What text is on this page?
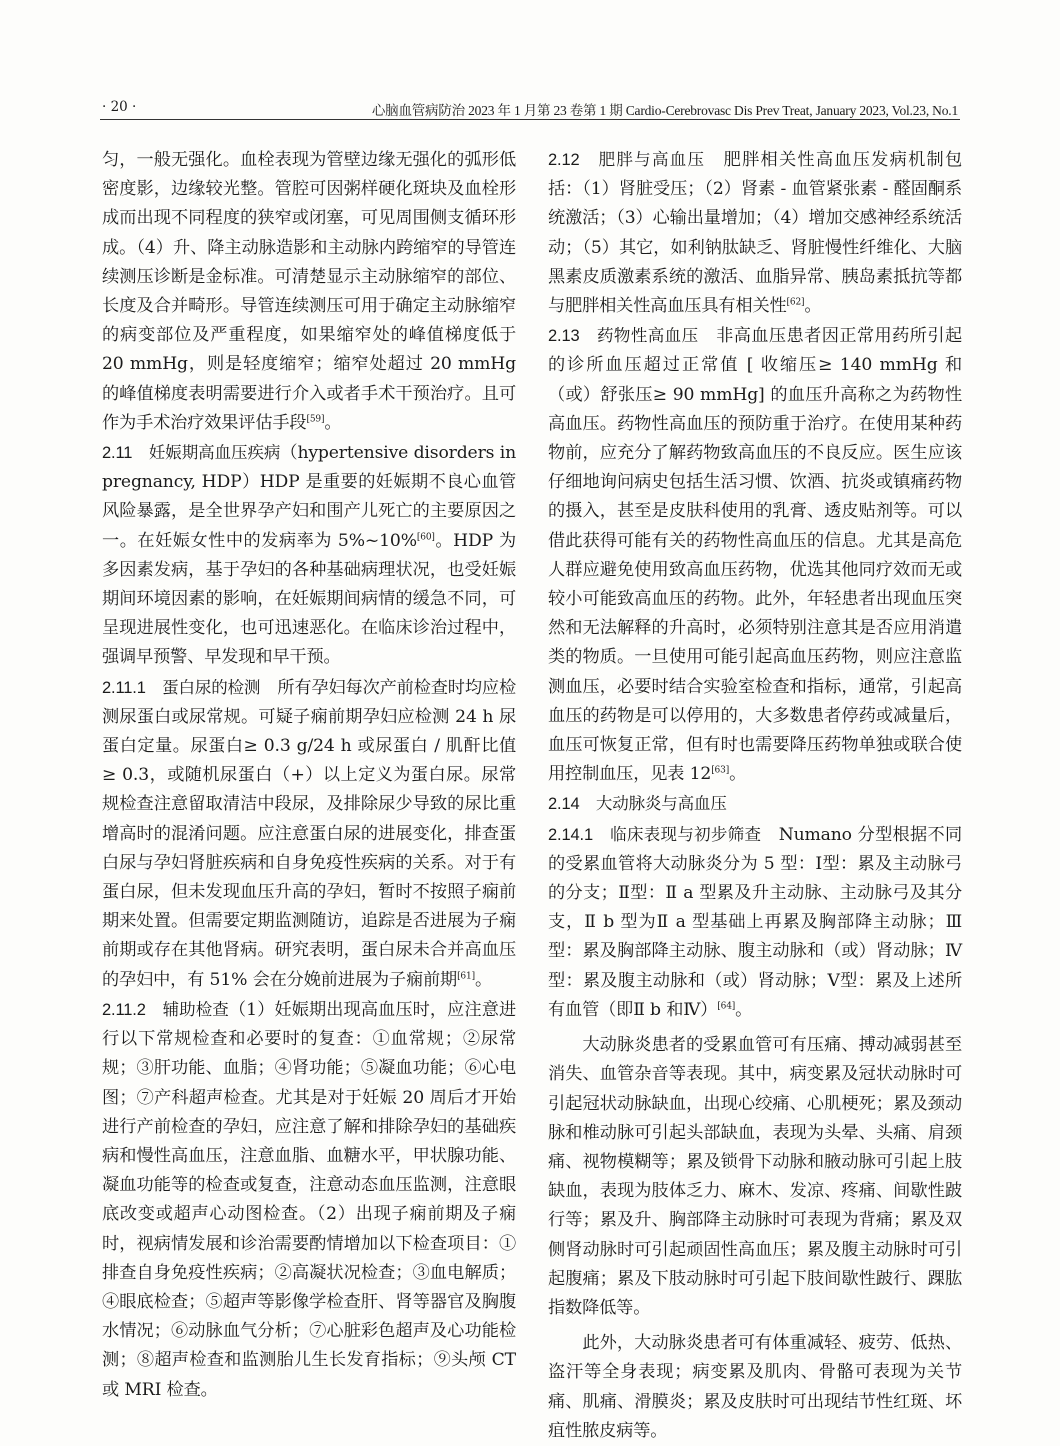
· 20 ·	心脑血管病防治 2023 年 1 月第 23 卷第 1 期 Cardio-Cerebrovasc Dis Prev Treat, January 2023, Vol.23, No.1

匀，一般无强化。血栓表现为管壁边缘无强化的弧形低密度影，边缘较光整。管腔可因粥样硬化斑块及血栓形成而出现不同程度的狭窄或闭塞，可见周围侧支循环形成。（4）升、降主动脉造影和主动脉内跨缩窄的导管连续测压诊断是金标准。可清楚显示主动脉缩窄的部位、长度及合并畸形。导管连续测压可用于确定主动脉缩窄的病变部位及严重程度，如果缩窄处的峰值梯度低于 20 mmHg，则是轻度缩窄；缩窄处超过 20 mmHg 的峰值梯度表明需要进行介入或者手术干预治疗。且可作为手术治疗效果评估手段[59]。

2.11　妊娠期高血压疾病（hypertensive disorders in pregnancy, HDP）HDP 是重要的妊娠期不良心血管风险暴露，是全世界孕产妇和围产儿死亡的主要原因之一。在妊娠女性中的发病率为 5%~10%[60]。HDP 为多因素发病，基于孕妇的各种基础病理状况，也受妊娠期间环境因素的影响，在妊娠期间病情的缓急不同，可呈现进展性变化，也可迅速恶化。在临床诊治过程中，强调早预警、早发现和早干预。

2.11.1　蛋白尿的检测　所有孕妇每次产前检查时均应检测尿蛋白或尿常规。可疑子痫前期孕妇应检测 24 h 尿蛋白定量。尿蛋白≥ 0.3 g/24 h 或尿蛋白 / 肌酐比值≥ 0.3，或随机尿蛋白（+）以上定义为蛋白尿。尿常规检查注意留取清洁中段尿，及排除尿少导致的尿比重增高时的混淆问题。应注意蛋白尿的进展变化，排查蛋白尿与孕妇肾脏疾病和自身免疫性疾病的关系。对于有蛋白尿，但未发现血压升高的孕妇，暂时不按照子痫前期来处置。但需要定期监测随访，追踪是否进展为子痫前期或存在其他肾病。研究表明，蛋白尿未合并高血压的孕妇中，有 51% 会在分娩前进展为子痫前期[61]。

2.11.2　辅助检查（1）妊娠期出现高血压时，应注意进行以下常规检查和必要时的复查：①血常规；②尿常规；③肝功能、血脂；④肾功能；⑤凝血功能；⑥心电图；⑦产科超声检查。尤其是对于妊娠 20 周后才开始进行产前检查的孕妇，应注意了解和排除孕妇的基础疾病和慢性高血压，注意血脂、血糖水平，甲状腺功能、凝血功能等的检查或复查，注意动态血压监测，注意眼底改变或超声心动图检查。（2）出现子痫前期及子痫时，视病情发展和诊治需要酌情增加以下检查项目：①排查自身免疫性疾病；②高凝状况检查；③血电解质；④眼底检查；⑤超声等影像学检查肝、肾等器官及胸腹水情况；⑥动脉血气分析；⑦心脏彩色超声及心功能检测；⑧超声检查和监测胎儿生长发育指标；⑨头颅 CT 或 MRI 检查。

2.12　肥胖与高血压　肥胖相关性高血压发病机制包括：（1）肾脏受压；（2）肾素 - 血管紧张素 - 醛固酮系统激活；（3）心输出量增加；（4）增加交感神经系统活动；（5）其它，如利钠肽缺乏、肾脏慢性纤维化、大脑黑素皮质激素系统的激活、血脂异常、胰岛素抵抗等都与肥胖相关性高血压具有相关性[62]。

2.13　药物性高血压　非高血压患者因正常用药所引起的诊所血压超过正常值 [ 收缩压≥ 140 mmHg 和（或）舒张压≥ 90 mmHg] 的血压升高称之为药物性高血压。药物性高血压的预防重于治疗。在使用某种药物前，应充分了解药物致高血压的不良反应。医生应该仔细地询问病史包括生活习惯、饮酒、抗炎或镇痛药物的摄入，甚至是皮肤科使用的乳膏、透皮贴剂等。可以借此获得可能有关的药物性高血压的信息。尤其是高危人群应避免使用致高血压药物，优选其他同疗效而无或较小可能致高血压的药物。此外，年轻患者出现血压突然和无法解释的升高时，必须特别注意其是否应用消遣类的物质。一旦使用可能引起高血压药物，则应注意监测血压，必要时结合实验室检查和指标，通常，引起高血压的药物是可以停用的，大多数患者停药或减量后，血压可恢复正常，但有时也需要降压药物单独或联合使用控制血压，见表 12[63]。

2.14　大动脉炎与高血压

2.14.1　临床表现与初步筛查　Numano 分型根据不同的受累血管将大动脉炎分为 5 型：Ⅰ型：累及主动脉弓的分支；Ⅱ型：Ⅱ a 型累及升主动脉、主动脉弓及其分支，Ⅱ b 型为Ⅱ a 型基础上再累及胸部降主动脉；Ⅲ型：累及胸部降主动脉、腹主动脉和（或）肾动脉；Ⅳ型：累及腹主动脉和（或）肾动脉；Ⅴ型：累及上述所有血管（即Ⅱ b 和Ⅳ）[64]。

大动脉炎患者的受累血管可有压痛、搏动减弱甚至消失、血管杂音等表现。其中，病变累及冠状动脉时可引起冠状动脉缺血，出现心绞痛、心肌梗死；累及颈动脉和椎动脉可引起头部缺血，表现为头晕、头痛、肩颈痛、视物模糊等；累及锁骨下动脉和腋动脉可引起上肢缺血，表现为肢体乏力、麻木、发凉、疼痛、间歇性跛行等；累及升、胸部降主动脉时可表现为背痛；累及双侧肾动脉时可引起顽固性高血压；累及腹主动脉时可引起腹痛；累及下肢动脉时可引起下肢间歇性跛行、踝肱指数降低等。

此外，大动脉炎患者可有体重减轻、疲劳、低热、盗汗等全身表现；病变累及肌肉、骨骼可表现为关节痛、肌痛、滑膜炎；累及皮肤时可出现结节性红斑、坏疽性脓皮病等。
